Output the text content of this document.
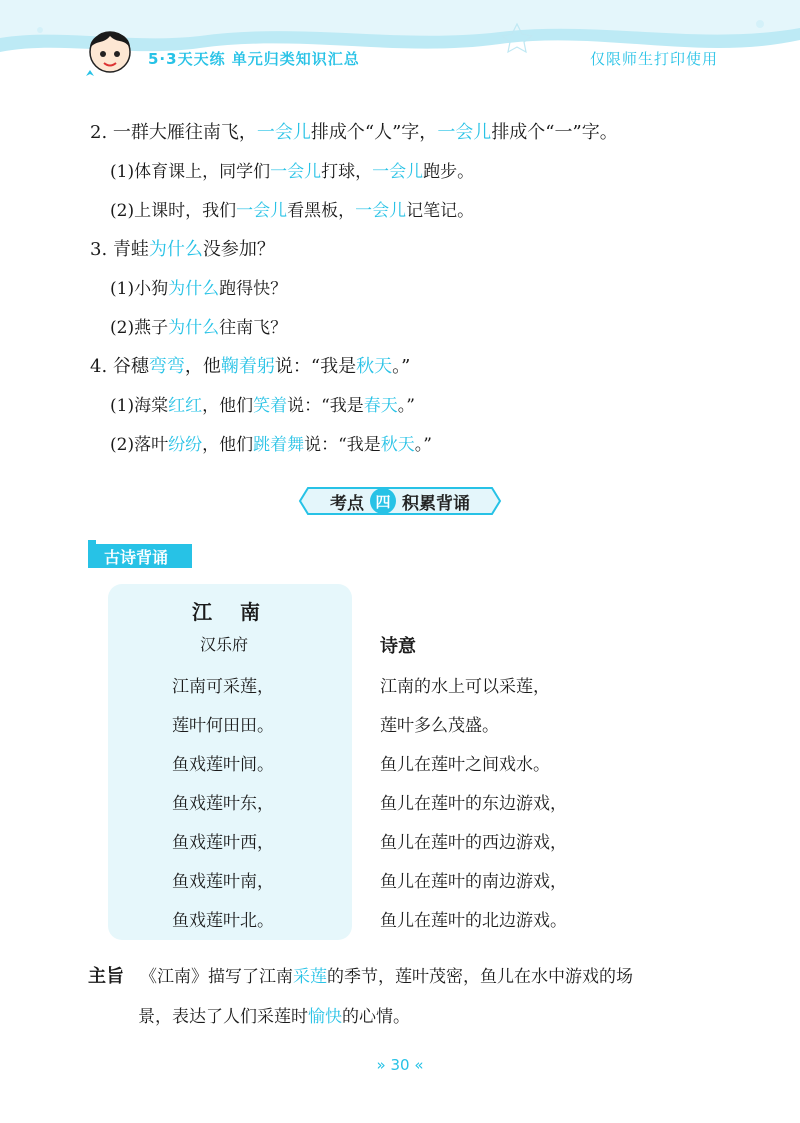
5·3天天练 单元归类知识汇总	仅限师生打印使用
2. 一群大雁往南飞，一会儿排成个“人”字，一会儿排成个“一”字。
(1)体育课上，同学们一会儿打球，一会儿跑步。
(2)上课时，我们一会儿看黑板，一会儿记笔记。
3. 青蛙为什么没参加？
(1)小狗为什么跑得快？
(2)燕子为什么往南飞？
4. 谷穗弯弯，他鞠着躬说：“我是秋天。”
(1)海棠红红，他们笑着说：“我是春天。”
(2)落叶纷纷，他们跳着舞说：“我是秋天。”
考点 四 积累背诵
古诗背诵
江南
汉乐府
江南可采莲，
莲叶何田田。
鱼戏莲叶间。
鱼戏莲叶东，
鱼戏莲叶西，
鱼戏莲叶南，
鱼戏莲叶北。
诗意
江南的水上可以采莲，
莲叶多么茂盛。
鱼儿在莲叶之间戏水。
鱼儿在莲叶的东边游戏，
鱼儿在莲叶的西边游戏，
鱼儿在莲叶的南边游戏，
鱼儿在莲叶的北边游戏。
主旨 《江南》描写了江南采莲的季节，莲叶茂密，鱼儿在水中游戏的场
景，表达了人们采莲时愉快的心情。
» 30 «
